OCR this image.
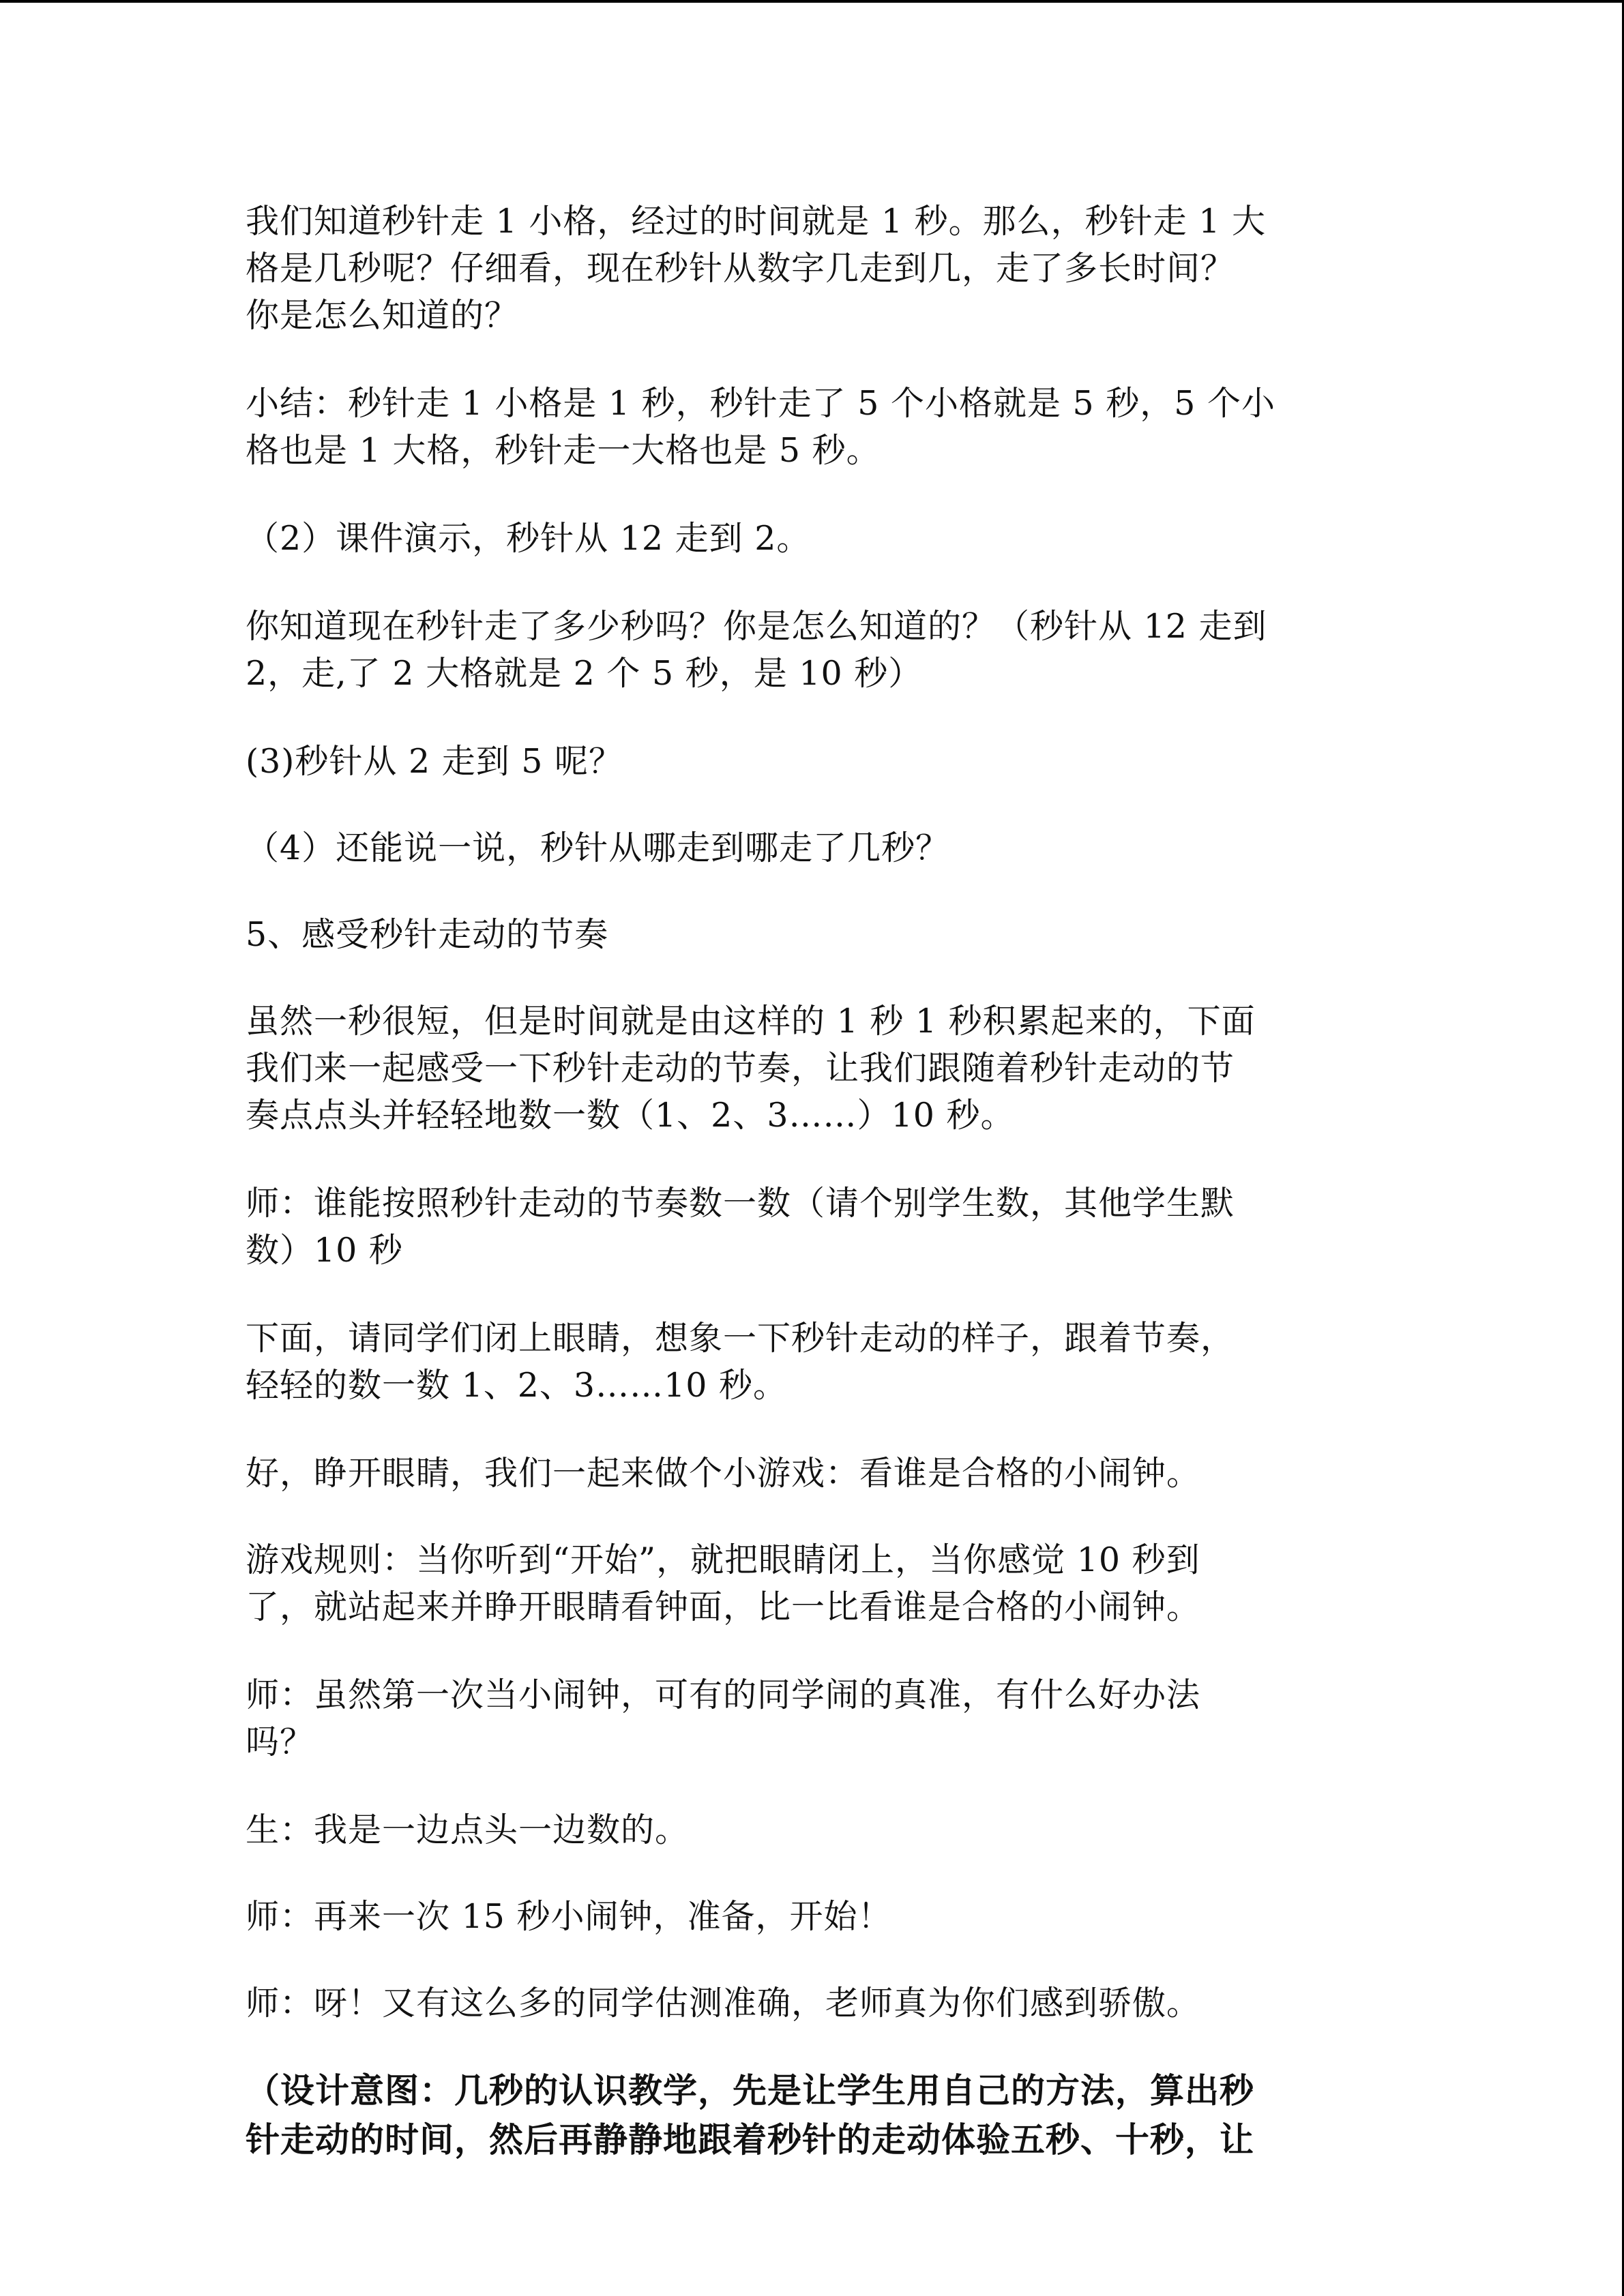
我们知道秒针走 1 小格，经过的时间就是 1 秒。那么，秒针走 1 大
格是几秒呢？仔细看，现在秒针从数字几走到几，走了多长时间？
你是怎么知道的？

小结：秒针走 1 小格是 1 秒，秒针走了 5 个小格就是 5 秒，5 个小
格也是 1 大格，秒针走一大格也是 5 秒。

（2）课件演示，秒针从 12 走到 2。

你知道现在秒针走了多少秒吗？你是怎么知道的？（秒针从 12 走到
2，走,了 2 大格就是 2 个 5 秒，是 10 秒）

(3)秒针从 2 走到 5 呢？

（4）还能说一说，秒针从哪走到哪走了几秒？

5、感受秒针走动的节奏

虽然一秒很短，但是时间就是由这样的 1 秒 1 秒积累起来的，下面
我们来一起感受一下秒针走动的节奏，让我们跟随着秒针走动的节
奏点点头并轻轻地数一数（1、2、3……）10 秒。

师：谁能按照秒针走动的节奏数一数（请个别学生数，其他学生默
数）10 秒

下面，请同学们闭上眼睛，想象一下秒针走动的样子，跟着节奏，
轻轻的数一数 1、2、3……10 秒。

好，睁开眼睛，我们一起来做个小游戏：看谁是合格的小闹钟。

游戏规则：当你听到“开始”，就把眼睛闭上，当你感觉 10 秒到
了，就站起来并睁开眼睛看钟面，比一比看谁是合格的小闹钟。

师：虽然第一次当小闹钟，可有的同学闹的真准，有什么好办法
吗？

生：我是一边点头一边数的。

师：再来一次 15 秒小闹钟，准备，开始！

师：呀！又有这么多的同学估测准确，老师真为你们感到骄傲。

（设计意图：几秒的认识教学，先是让学生用自己的方法，算出秒
针走动的时间，然后再静静地跟着秒针的走动体验五秒、十秒，让
